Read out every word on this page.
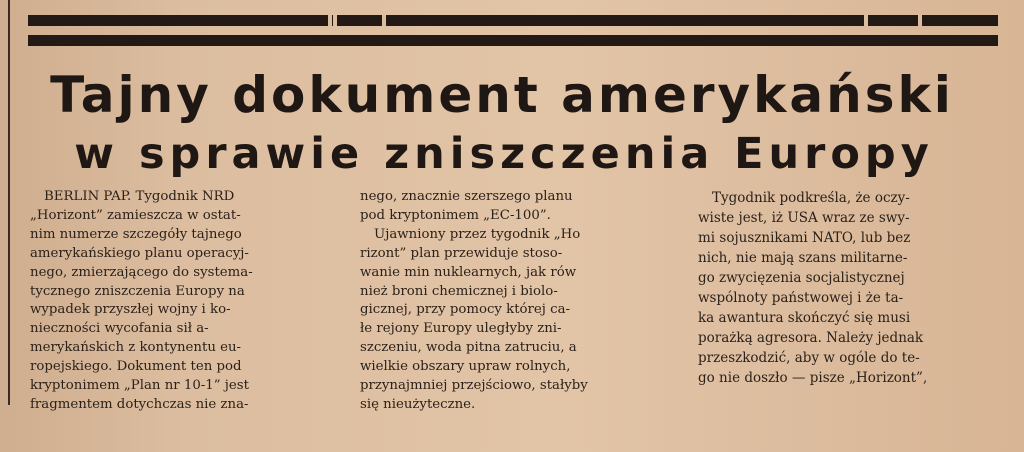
Tajny dokument amerykański
w sprawie zniszczenia Europy
BERLIN PAP. Tygodnik NRD
„Horizont” zamieszcza w ostat-
nim numerze szczegóły tajnego
amerykańskiego planu operacyj-
nego, zmierzającego do systema-
tycznego zniszczenia Europy na
wypadek przyszłej wojny i ko-
nieczności wycofania sił a-
merykańskich z kontynentu eu-
ropejskiego. Dokument ten pod
kryptonimem „Plan nr 10-1” jest
fragmentem dotychczas nie zna-
nego, znacznie szerszego planu
pod kryptonimem „EC-100”.
Ujawniony przez tygodnik „Ho
rizont” plan przewiduje stoso-
wanie min nuklearnych, jak rów
nież broni chemicznej i biolo-
gicznej, przy pomocy której ca-
łe rejony Europy uległyby zni-
szczeniu, woda pitna zatruciu, a
wielkie obszary upraw rolnych,
przynajmniej przejściowo, stałyby
się nieużyteczne.
Tygodnik podkreśla, że oczy-
wiste jest, iż USA wraz ze swy-
mi sojusznikami NATO, lub bez
nich, nie mają szans militarne-
go zwycięzenia socjalistycznej
wspólnoty państwowej i że ta-
ka awantura skończyć się musi
porażką agresora. Należy jednak
przeszkodzić, aby w ogóle do te-
go nie doszło — pisze „Horizont”,
